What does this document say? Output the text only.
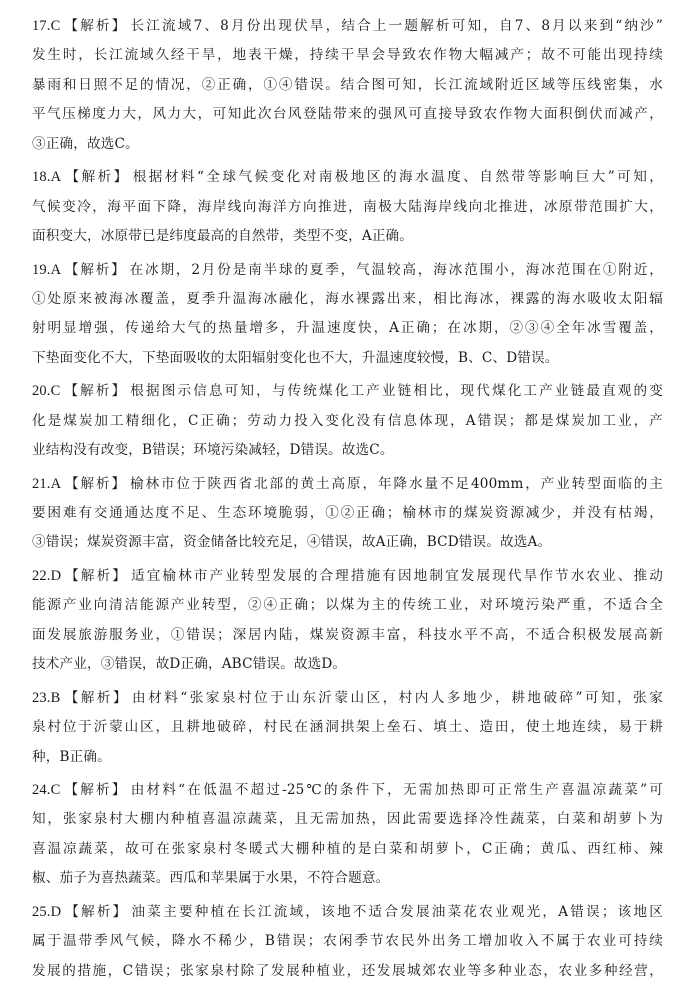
17.C 【解析】 长江流域7、8月份出现伏旱，结合上一题解析可知，自7、8月以来到“纳沙”
发生时，长江流域久经干旱，地表干燥，持续干旱会导致农作物大幅减产；故不可能出现持续
暴雨和日照不足的情况，②正确，①④错误。结合图可知，长江流域附近区域等压线密集，水
平气压梯度力大，风力大，可知此次台风登陆带来的强风可直接导致农作物大面积倒伏而减产，
③正确，故选C。
18.A 【解析】 根据材料“全球气候变化对南极地区的海水温度、自然带等影响巨大”可知，
气候变冷，海平面下降，海岸线向海洋方向推进，南极大陆海岸线向北推进，冰原带范围扩大，
面积变大，冰原带已是纬度最高的自然带，类型不变，A正确。
19.A 【解析】 在冰期，2月份是南半球的夏季，气温较高，海冰范围小，海冰范围在①附近，
①处原来被海冰覆盖，夏季升温海冰融化，海水裸露出来，相比海冰，裸露的海水吸收太阳辐
射明显增强，传递给大气的热量增多，升温速度快，A正确；在冰期，②③④全年冰雪覆盖，
下垫面变化不大，下垫面吸收的太阳辐射变化也不大，升温速度较慢，B、C、D错误。
20.C 【解析】 根据图示信息可知，与传统煤化工产业链相比，现代煤化工产业链最直观的变
化是煤炭加工精细化，C正确；劳动力投入变化没有信息体现，A错误；都是煤炭加工业，产
业结构没有改变，B错误；环境污染减轻，D错误。故选C。
21.A 【解析】 榆林市位于陕西省北部的黄土高原，年降水量不足400mm，产业转型面临的主
要困难有交通通达度不足、生态环境脆弱，①②正确；榆林市的煤炭资源减少，并没有枯竭，
③错误；煤炭资源丰富，资金储备比较充足，④错误，故A正确，BCD错误。故选A。
22.D 【解析】 适宜榆林市产业转型发展的合理措施有因地制宜发展现代旱作节水农业、推动
能源产业向清洁能源产业转型，②④正确；以煤为主的传统工业，对环境污染严重，不适合全
面发展旅游服务业，①错误；深居内陆，煤炭资源丰富，科技水平不高，不适合积极发展高新
技术产业，③错误，故D正确，ABC错误。故选D。
23.B 【解析】 由材料“张家泉村位于山东沂蒙山区，村内人多地少，耕地破碎”可知，张家
泉村位于沂蒙山区，且耕地破碎，村民在涵洞拱架上垒石、填土、造田，使土地连续，易于耕
种，B正确。
24.C 【解析】 由材料“在低温不超过-25℃的条件下，无需加热即可正常生产喜温凉蔬菜”可
知，张家泉村大棚内种植喜温凉蔬菜，且无需加热，因此需要选择冷性蔬菜，白菜和胡萝卜为
喜温凉蔬菜，故可在张家泉村冬暖式大棚种植的是白菜和胡萝卜，C正确；黄瓜、西红柿、辣
椒、茄子为喜热蔬菜。西瓜和苹果属于水果，不符合题意。
25.D 【解析】 油菜主要种植在长江流域，该地不适合发展油菜花农业观光，A错误；该地区
属于温带季风气候，降水不稀少，B错误；农闲季节农民外出务工增加收入不属于农业可持续
发展的措施，C错误；张家泉村除了发展种植业，还发展城郊农业等多种业态，农业多种经营，
